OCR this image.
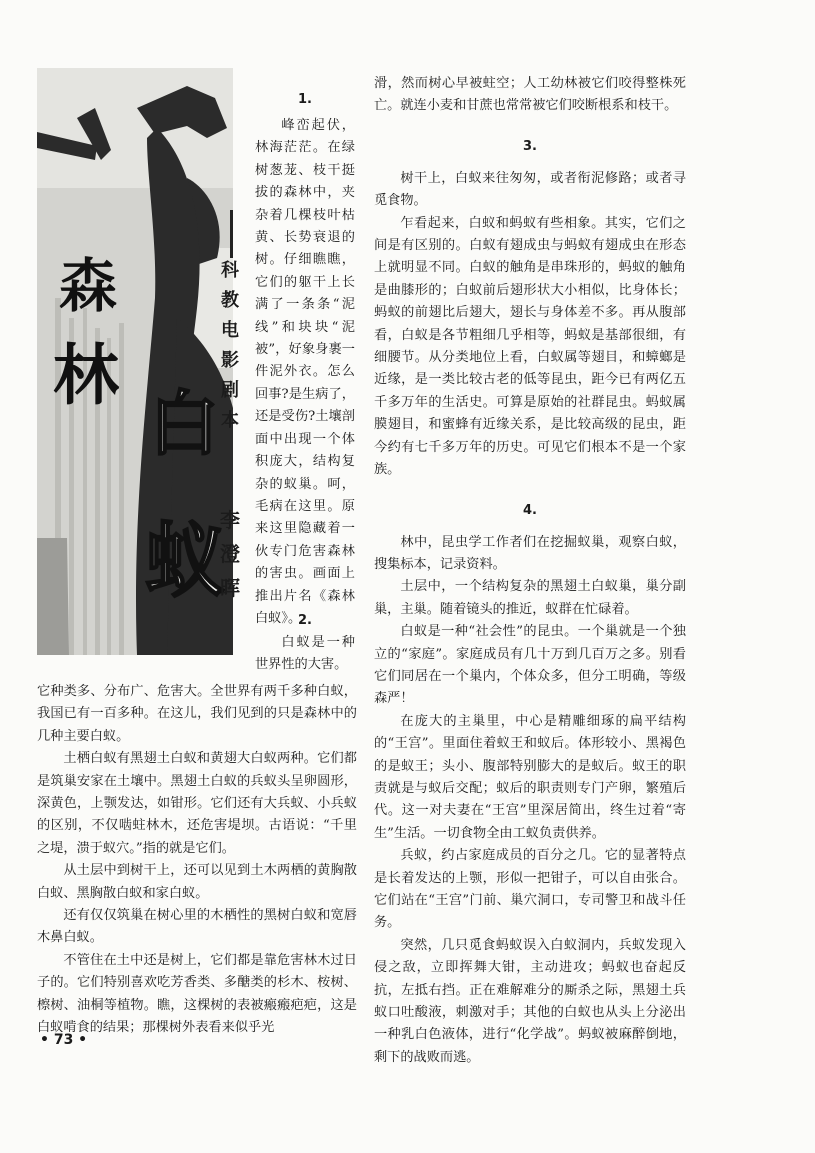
森
林
白
蚁
科
教
电
影
剧
本
李
澄
晖
1.

峰峦起伏，林海茫茫。在绿树葱茏、枝干挺拔的森林中，夹杂着几棵枝叶枯黄、长势衰退的树。仔细瞧瞧，它们的躯干上长满了一条条“泥线”和块块“泥被”，好象身裹一件泥外衣。怎么回事?是生病了，还是受伤?土壤剖面中出现一个体积庞大，结构复杂的蚁巢。呵，毛病在这里。原来这里隐藏着一伙专门危害森林的害虫。画面上推出片名《森林白蚁》。

2.

白蚁是一种世界性的大害。

它种类多、分布广、危害大。全世界有两千多种白蚁，我国已有一百多种。在这儿，我们见到的只是森林中的几种主要白蚁。

土栖白蚁有黑翅土白蚁和黄翅大白蚁两种。它们都是筑巢安家在土壤中。黑翅土白蚁的兵蚁头呈卵圆形，深黄色，上颚发达，如钳形。它们还有大兵蚁、小兵蚁的区别，不仅啮蛀林木，还危害堤坝。古语说：“千里之堤，溃于蚁穴。”指的就是它们。

从土层中到树干上，还可以见到土木两栖的黄胸散白蚁、黑胸散白蚁和家白蚁。

还有仅仅筑巢在树心里的木栖性的黑树白蚁和宽唇木鼻白蚁。

不管住在土中还是树上，它们都是靠危害林木过日子的。它们特别喜欢吃芳香类、多醣类的杉木、桉树、檫树、油桐等植物。瞧，这棵树的表被瘢瘢疤疤，这是白蚁啃食的结果；那棵树外表看来似乎光

滑，然而树心早被蛀空；人工幼林被它们咬得整株死亡。就连小麦和甘蔗也常常被它们咬断根系和枝干。

3.

树干上，白蚁来往匆匆，或者衔泥修路；或者寻觅食物。

乍看起来，白蚁和蚂蚁有些相象。其实，它们之间是有区别的。白蚁有翅成虫与蚂蚁有翅成虫在形态上就明显不同。白蚁的触角是串珠形的，蚂蚁的触角是曲膝形的；白蚁前后翅形状大小相似，比身体长；蚂蚁的前翅比后翅大，翅长与身体差不多。再从腹部看，白蚁是各节粗细几乎相等，蚂蚁是基部很细，有细腰节。从分类地位上看，白蚁属等翅目，和蟑螂是近缘，是一类比较古老的低等昆虫，距今已有两亿五千多万年的生活史。可算是原始的社群昆虫。蚂蚁属膜翅目，和蜜蜂有近缘关系，是比较高级的昆虫，距今约有七千多万年的历史。可见它们根本不是一个家族。

4.

林中，昆虫学工作者们在挖掘蚁巢，观察白蚁，搜集标本，记录资料。

土层中，一个结构复杂的黑翅土白蚁巢，巢分副巢，主巢。随着镜头的推近，蚁群在忙碌着。

白蚁是一种“社会性”的昆虫。一个巢就是一个独立的“家庭”。家庭成员有几十万到几百万之多。别看它们同居在一个巢内，个体众多，但分工明确，等级森严！

在庞大的主巢里，中心是精雕细琢的扁平结构的“王宫”。里面住着蚁王和蚁后。体形较小、黑褐色的是蚁王；头小、腹部特别膨大的是蚁后。蚁王的职责就是与蚁后交配；蚁后的职责则专门产卵，繁殖后代。这一对夫妻在“王宫”里深居简出，终生过着“寄生”生活。一切食物全由工蚁负责供养。

兵蚁，约占家庭成员的百分之几。它的显著特点是长着发达的上颚，形似一把钳子，可以自由张合。它们站在“王宫”门前、巢穴洞口，专司警卫和战斗任务。

突然，几只觅食蚂蚁误入白蚁洞内，兵蚁发现入侵之敌，立即挥舞大钳，主动进攻；蚂蚁也奋起反抗，左抵右挡。正在难解难分的厮杀之际，黑翅土兵蚁口吐酸液，刺激对手；其他的白蚁也从头上分泌出一种乳白色液体，进行“化学战”。蚂蚁被麻醉倒地，剩下的战败而逃。

• 73 •
